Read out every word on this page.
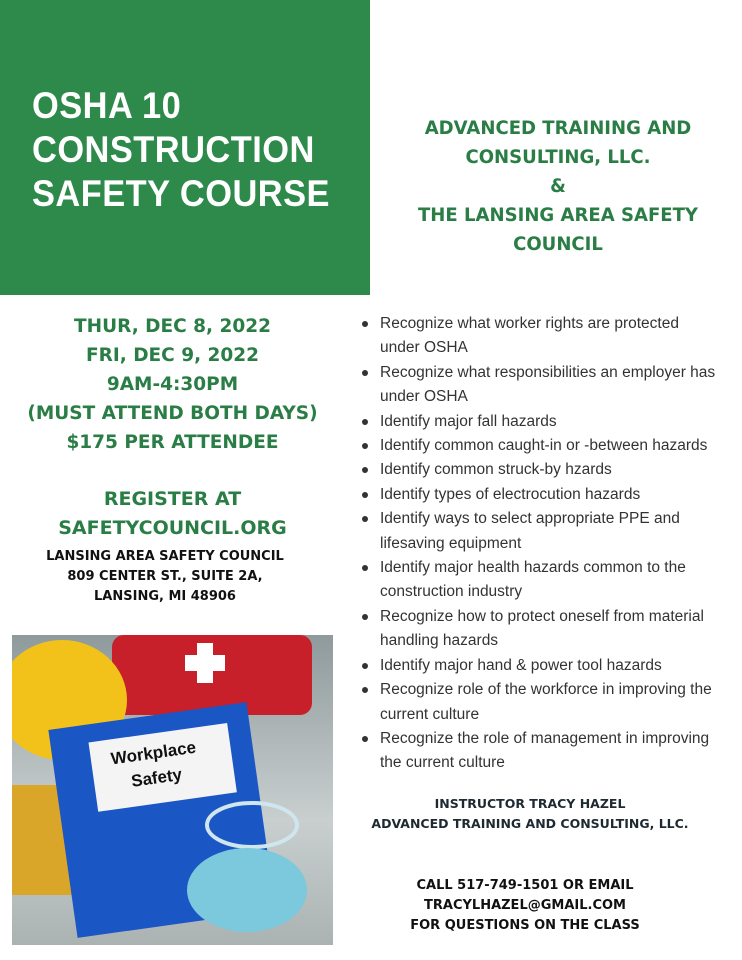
OSHA 10
CONSTRUCTION
SAFETY COURSE
ADVANCED TRAINING AND
CONSULTING, LLC.
&
THE LANSING AREA SAFETY
COUNCIL
THUR, DEC 8, 2022
FRI, DEC 9, 2022
9AM-4:30PM
(MUST ATTEND BOTH DAYS)
$175 PER ATTENDEE
REGISTER AT
SAFETYCOUNCIL.ORG
LANSING AREA SAFETY COUNCIL
809 CENTER ST., SUITE 2A,
LANSING, MI 48906
Recognize what worker rights are protected
under OSHA
Recognize what responsibilities an employer has
under OSHA
Identify major fall hazards
Identify common caught-in or -between hazards
Identify common struck-by hzards
Identify types of electrocution hazards
Identify ways to select appropriate PPE and
lifesaving equipment
Identify major health hazards common to the
construction industry
Recognize how to protect oneself from material
handling hazards
Identify major hand & power tool hazards
Recognize role of the workforce in improving the
current culture
Recognize the role of management in improving
the current culture
INSTRUCTOR TRACY HAZEL
ADVANCED TRAINING AND CONSULTING, LLC.
CALL 517-749-1501 OR EMAIL
TRACYLHAZEL@GMAIL.COM
FOR QUESTIONS ON THE CLASS
Workplace
Safety
